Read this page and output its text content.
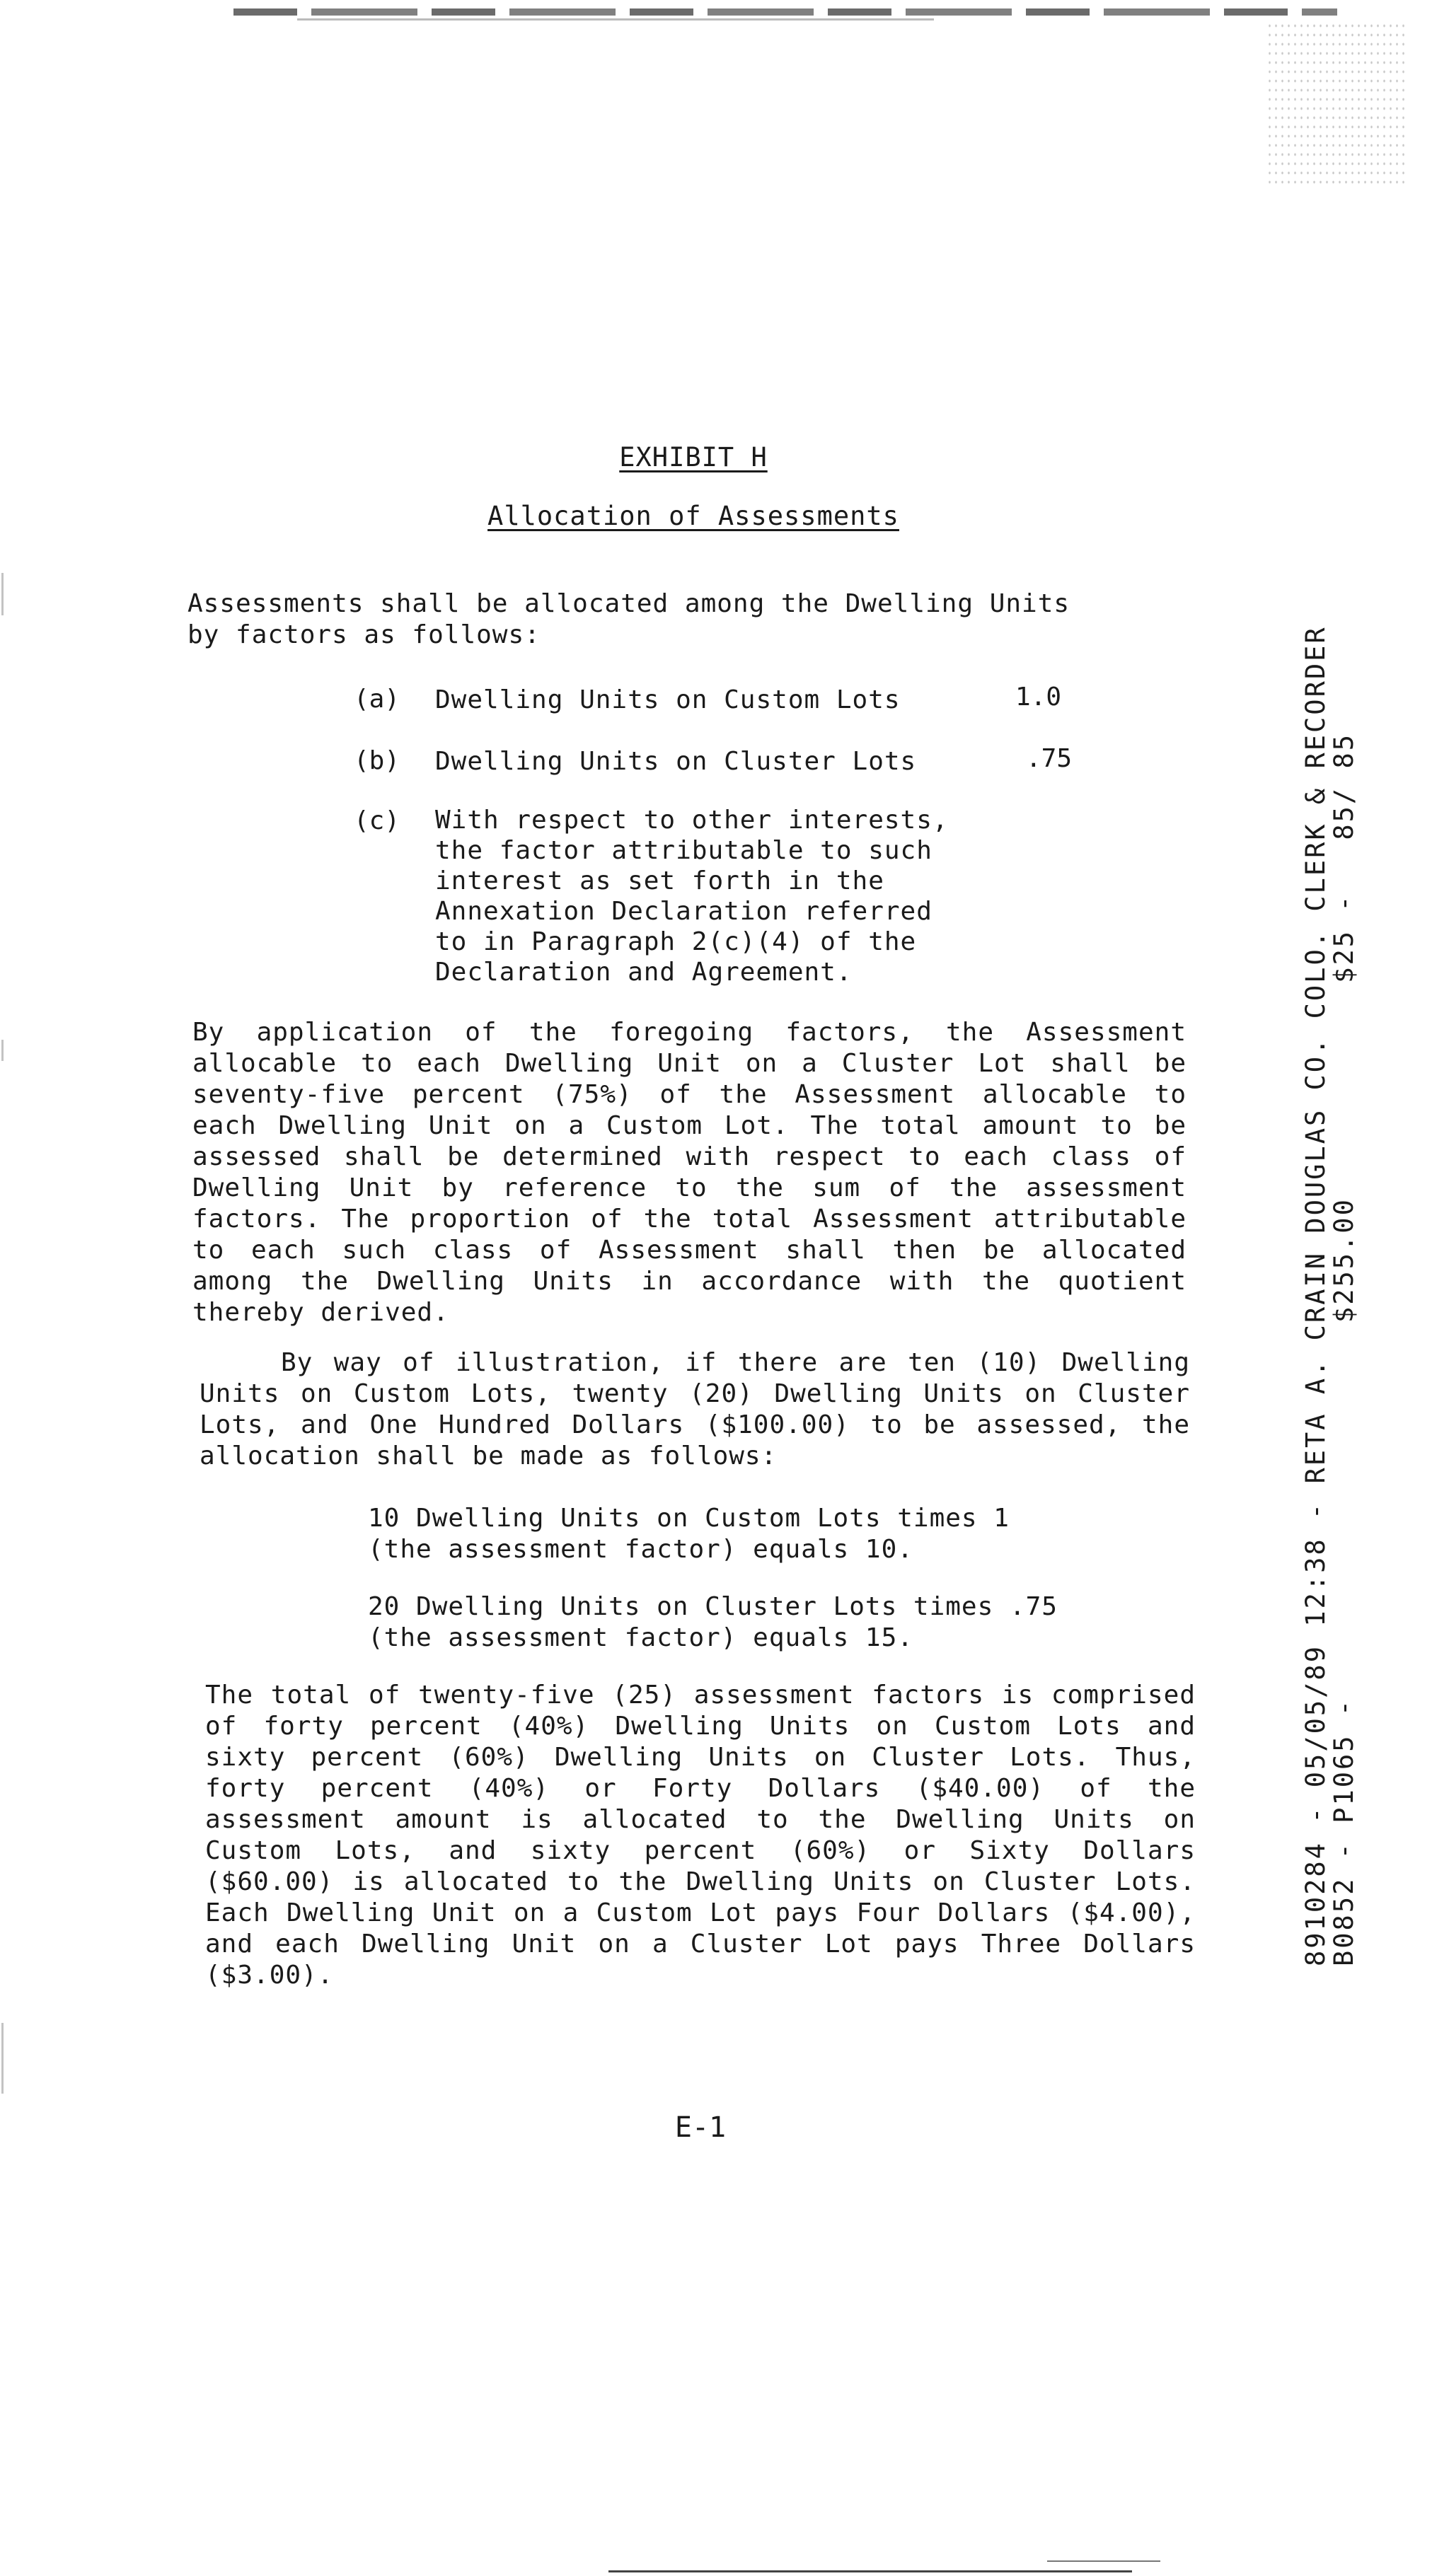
EXHIBIT H
Allocation of Assessments

Assessments shall be allocated among the Dwelling Units
by factors as follows:

(a) Dwelling Units on Custom Lots	1.0
(b) Dwelling Units on Cluster Lots	.75
(c) With respect to other interests,
the factor attributable to such
interest as set forth in the
Annexation Declaration referred
to in Paragraph 2(c)(4) of the
Declaration and Agreement.

By application of the foregoing factors, the Assessment allocable to each Dwelling Unit on a Cluster Lot shall be seventy-five percent (75%) of the Assessment allocable to each Dwelling Unit on a Custom Lot. The total amount to be assessed shall be determined with respect to each class of Dwelling Unit by reference to the sum of the assessment factors. The proportion of the total Assessment attributable to each such class of Assessment shall then be allocated among the Dwelling Units in accordance with the quotient thereby derived.

By way of illustration, if there are ten (10) Dwelling Units on Custom Lots, twenty (20) Dwelling Units on Cluster Lots, and One Hundred Dollars ($100.00) to be assessed, the allocation shall be made as follows:

10 Dwelling Units on Custom Lots times 1
(the assessment factor) equals 10.
20 Dwelling Units on Cluster Lots times .75
(the assessment factor) equals 15.

The total of twenty-five (25) assessment factors is comprised of forty percent (40%) Dwelling Units on Custom Lots and sixty percent (60%) Dwelling Units on Cluster Lots. Thus, forty percent (40%) or Forty Dollars ($40.00) of the assessment amount is allocated to the Dwelling Units on Custom Lots, and sixty percent (60%) or Sixty Dollars ($60.00) is allocated to the Dwelling Units on Cluster Lots. Each Dwelling Unit on a Custom Lot pays Four Dollars ($4.00), and each Dwelling Unit on a Cluster Lot pays Three Dollars ($3.00).

E-1
8910284 - 05/05/89 12:38 - RETA A. CRAIN DOUGLAS CO. COLO. CLERK & RECORDER
B0852 - P1065 -                     $255.00            $25 -   85/ 85
